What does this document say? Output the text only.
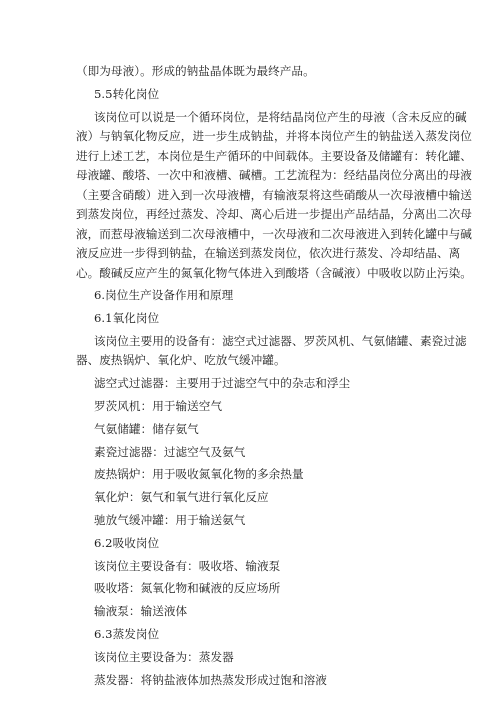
（即为母液）。形成的钠盐晶体既为最终产品。
5.5转化岗位
该岗位可以说是一个循环岗位，是将结晶岗位产生的母液（含未反应的碱
液）与钠氧化物反应，进一步生成钠盐，并将本岗位产生的钠盐送入蒸发岗位
进行上述工艺，本岗位是生产循环的中间载体。主要设备及储罐有：转化罐、
母液罐、酸塔、一次中和液槽、碱槽。工艺流程为：经结晶岗位分离出的母液
（主要含硝酸）进入到一次母液槽，有输液泵将这些硝酸从一次母液槽中输送
到蒸发岗位，再经过蒸发、冷却、离心后进一步提出产品结晶，分离出二次母
液，而惹母液输送到二次母液槽中，一次母液和二次母液进入到转化罐中与碱
液反应进一步得到钠盐，在输送到蒸发岗位，依次进行蒸发、冷却结晶、离
心。酸碱反应产生的氮氧化物气体进入到酸塔（含碱液）中吸收以防止污染。
6.岗位生产设备作用和原理
6.1氧化岗位
该岗位主要用的设备有：滤空式过滤器、罗茨风机、气氨储罐、素瓷过滤
器、废热锅炉、氧化炉、吃放气缓冲罐。
滤空式过滤器：主要用于过滤空气中的杂志和浮尘
罗茨风机：用于输送空气
气氨储罐：储存氨气
素瓷过滤器：过滤空气及氨气
废热锅炉：用于吸收氮氧化物的多余热量
氧化炉：氨气和氧气进行氧化反应
驰放气缓冲罐：用于输送氨气
6.2吸收岗位
该岗位主要设备有：吸收塔、输液泵
吸收塔：氮氧化物和碱液的反应场所
输液泵：输送液体
6.3蒸发岗位
该岗位主要设备为：蒸发器
蒸发器：将钠盐液体加热蒸发形成过饱和溶液
